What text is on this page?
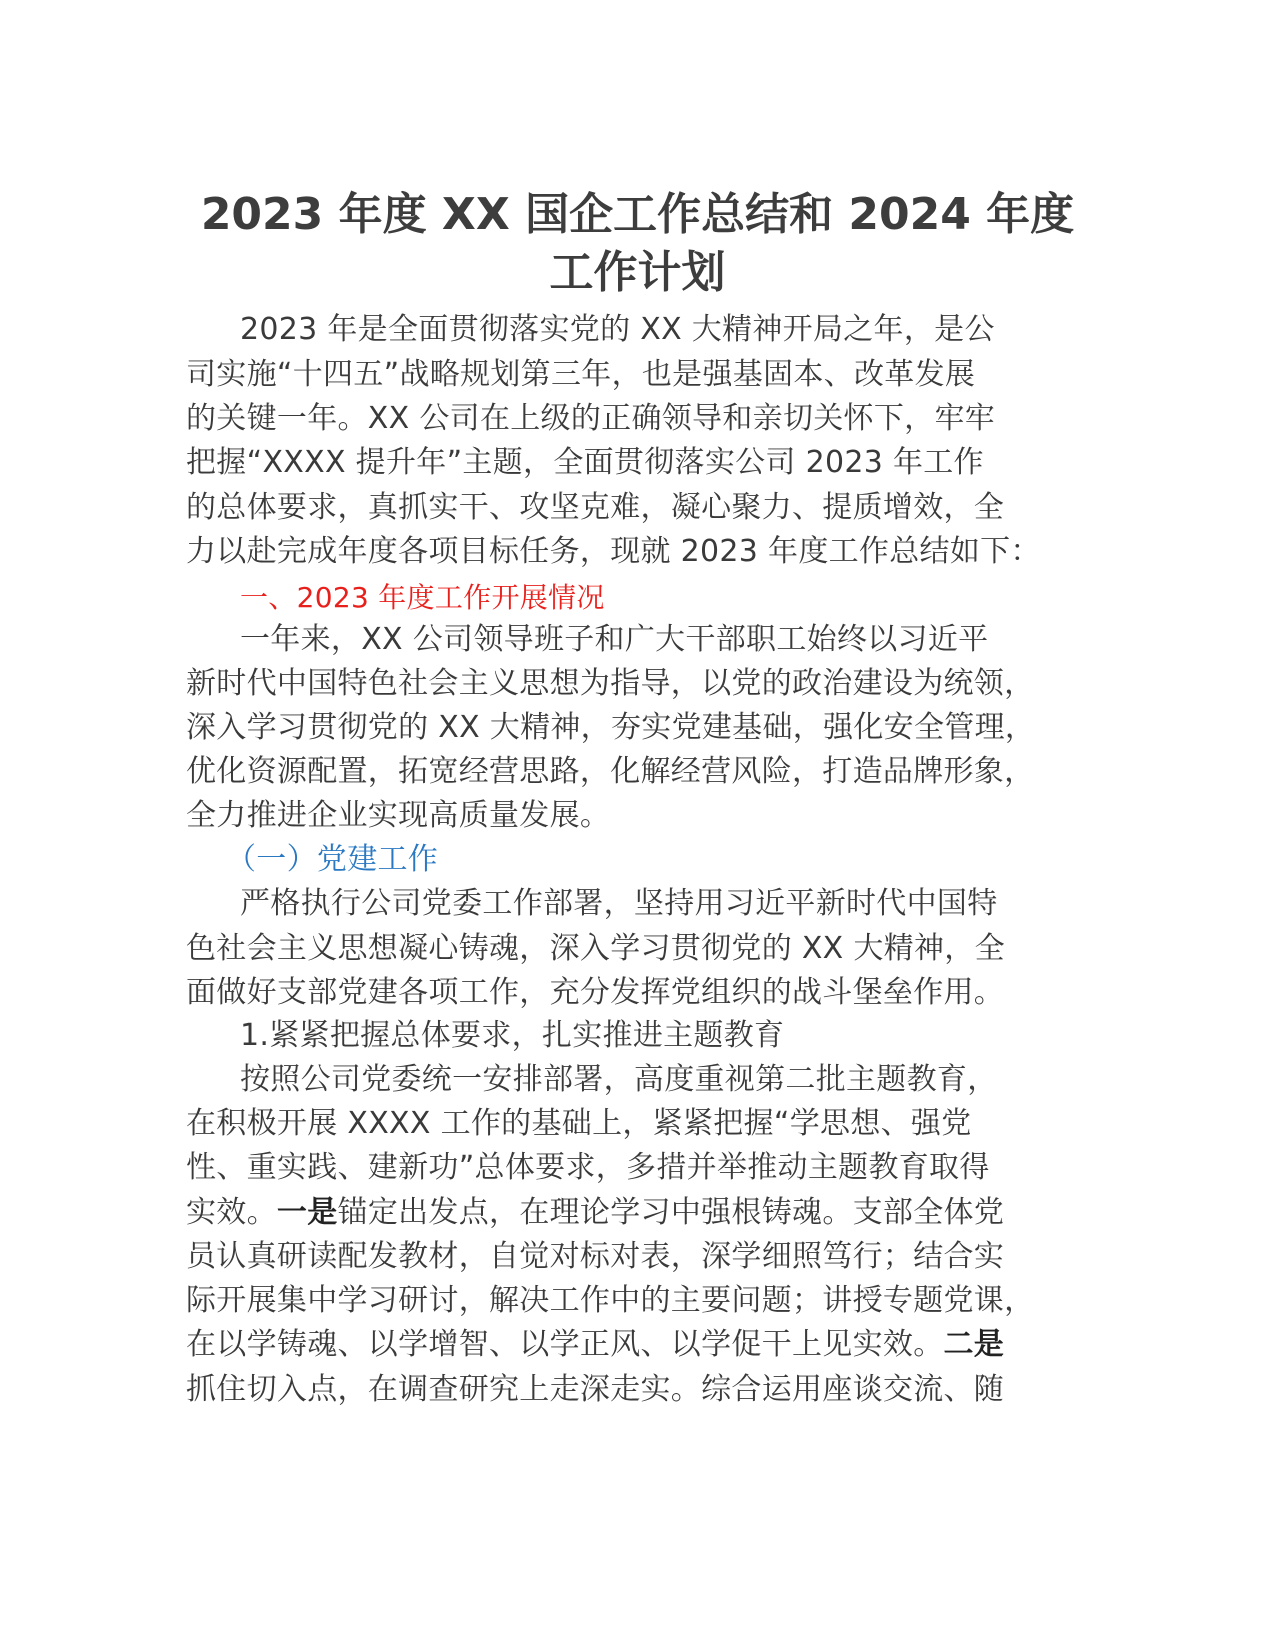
2023 年度 XX 国企工作总结和 2024 年度
工作计划

2023 年是全面贯彻落实党的 XX 大精神开局之年，是公

司实施“十四五”战略规划第三年，也是强基固本、改革发展

的关键一年。XX 公司在上级的正确领导和亲切关怀下，牢牢

把握“XXXX 提升年”主题，全面贯彻落实公司 2023 年工作

的总体要求，真抓实干、攻坚克难，凝心聚力、提质增效，全

力以赴完成年度各项目标任务，现就 2023 年度工作总结如下：

一、2023 年度工作开展情况

一年来，XX 公司领导班子和广大干部职工始终以习近平

新时代中国特色社会主义思想为指导，以党的政治建设为统领，

深入学习贯彻党的 XX 大精神，夯实党建基础，强化安全管理，

优化资源配置，拓宽经营思路，化解经营风险，打造品牌形象，

全力推进企业实现高质量发展。

（一）党建工作

严格执行公司党委工作部署，坚持用习近平新时代中国特

色社会主义思想凝心铸魂，深入学习贯彻党的 XX 大精神，全

面做好支部党建各项工作，充分发挥党组织的战斗堡垒作用。

1.紧紧把握总体要求，扎实推进主题教育

按照公司党委统一安排部署，高度重视第二批主题教育，

在积极开展 XXXX 工作的基础上，紧紧把握“学思想、强党

性、重实践、建新功”总体要求，多措并举推动主题教育取得

实效。一是锚定出发点，在理论学习中强根铸魂。支部全体党

员认真研读配发教材，自觉对标对表，深学细照笃行；结合实

际开展集中学习研讨，解决工作中的主要问题；讲授专题党课，

在以学铸魂、以学增智、以学正风、以学促干上见实效。二是

抓住切入点，在调查研究上走深走实。综合运用座谈交流、随
